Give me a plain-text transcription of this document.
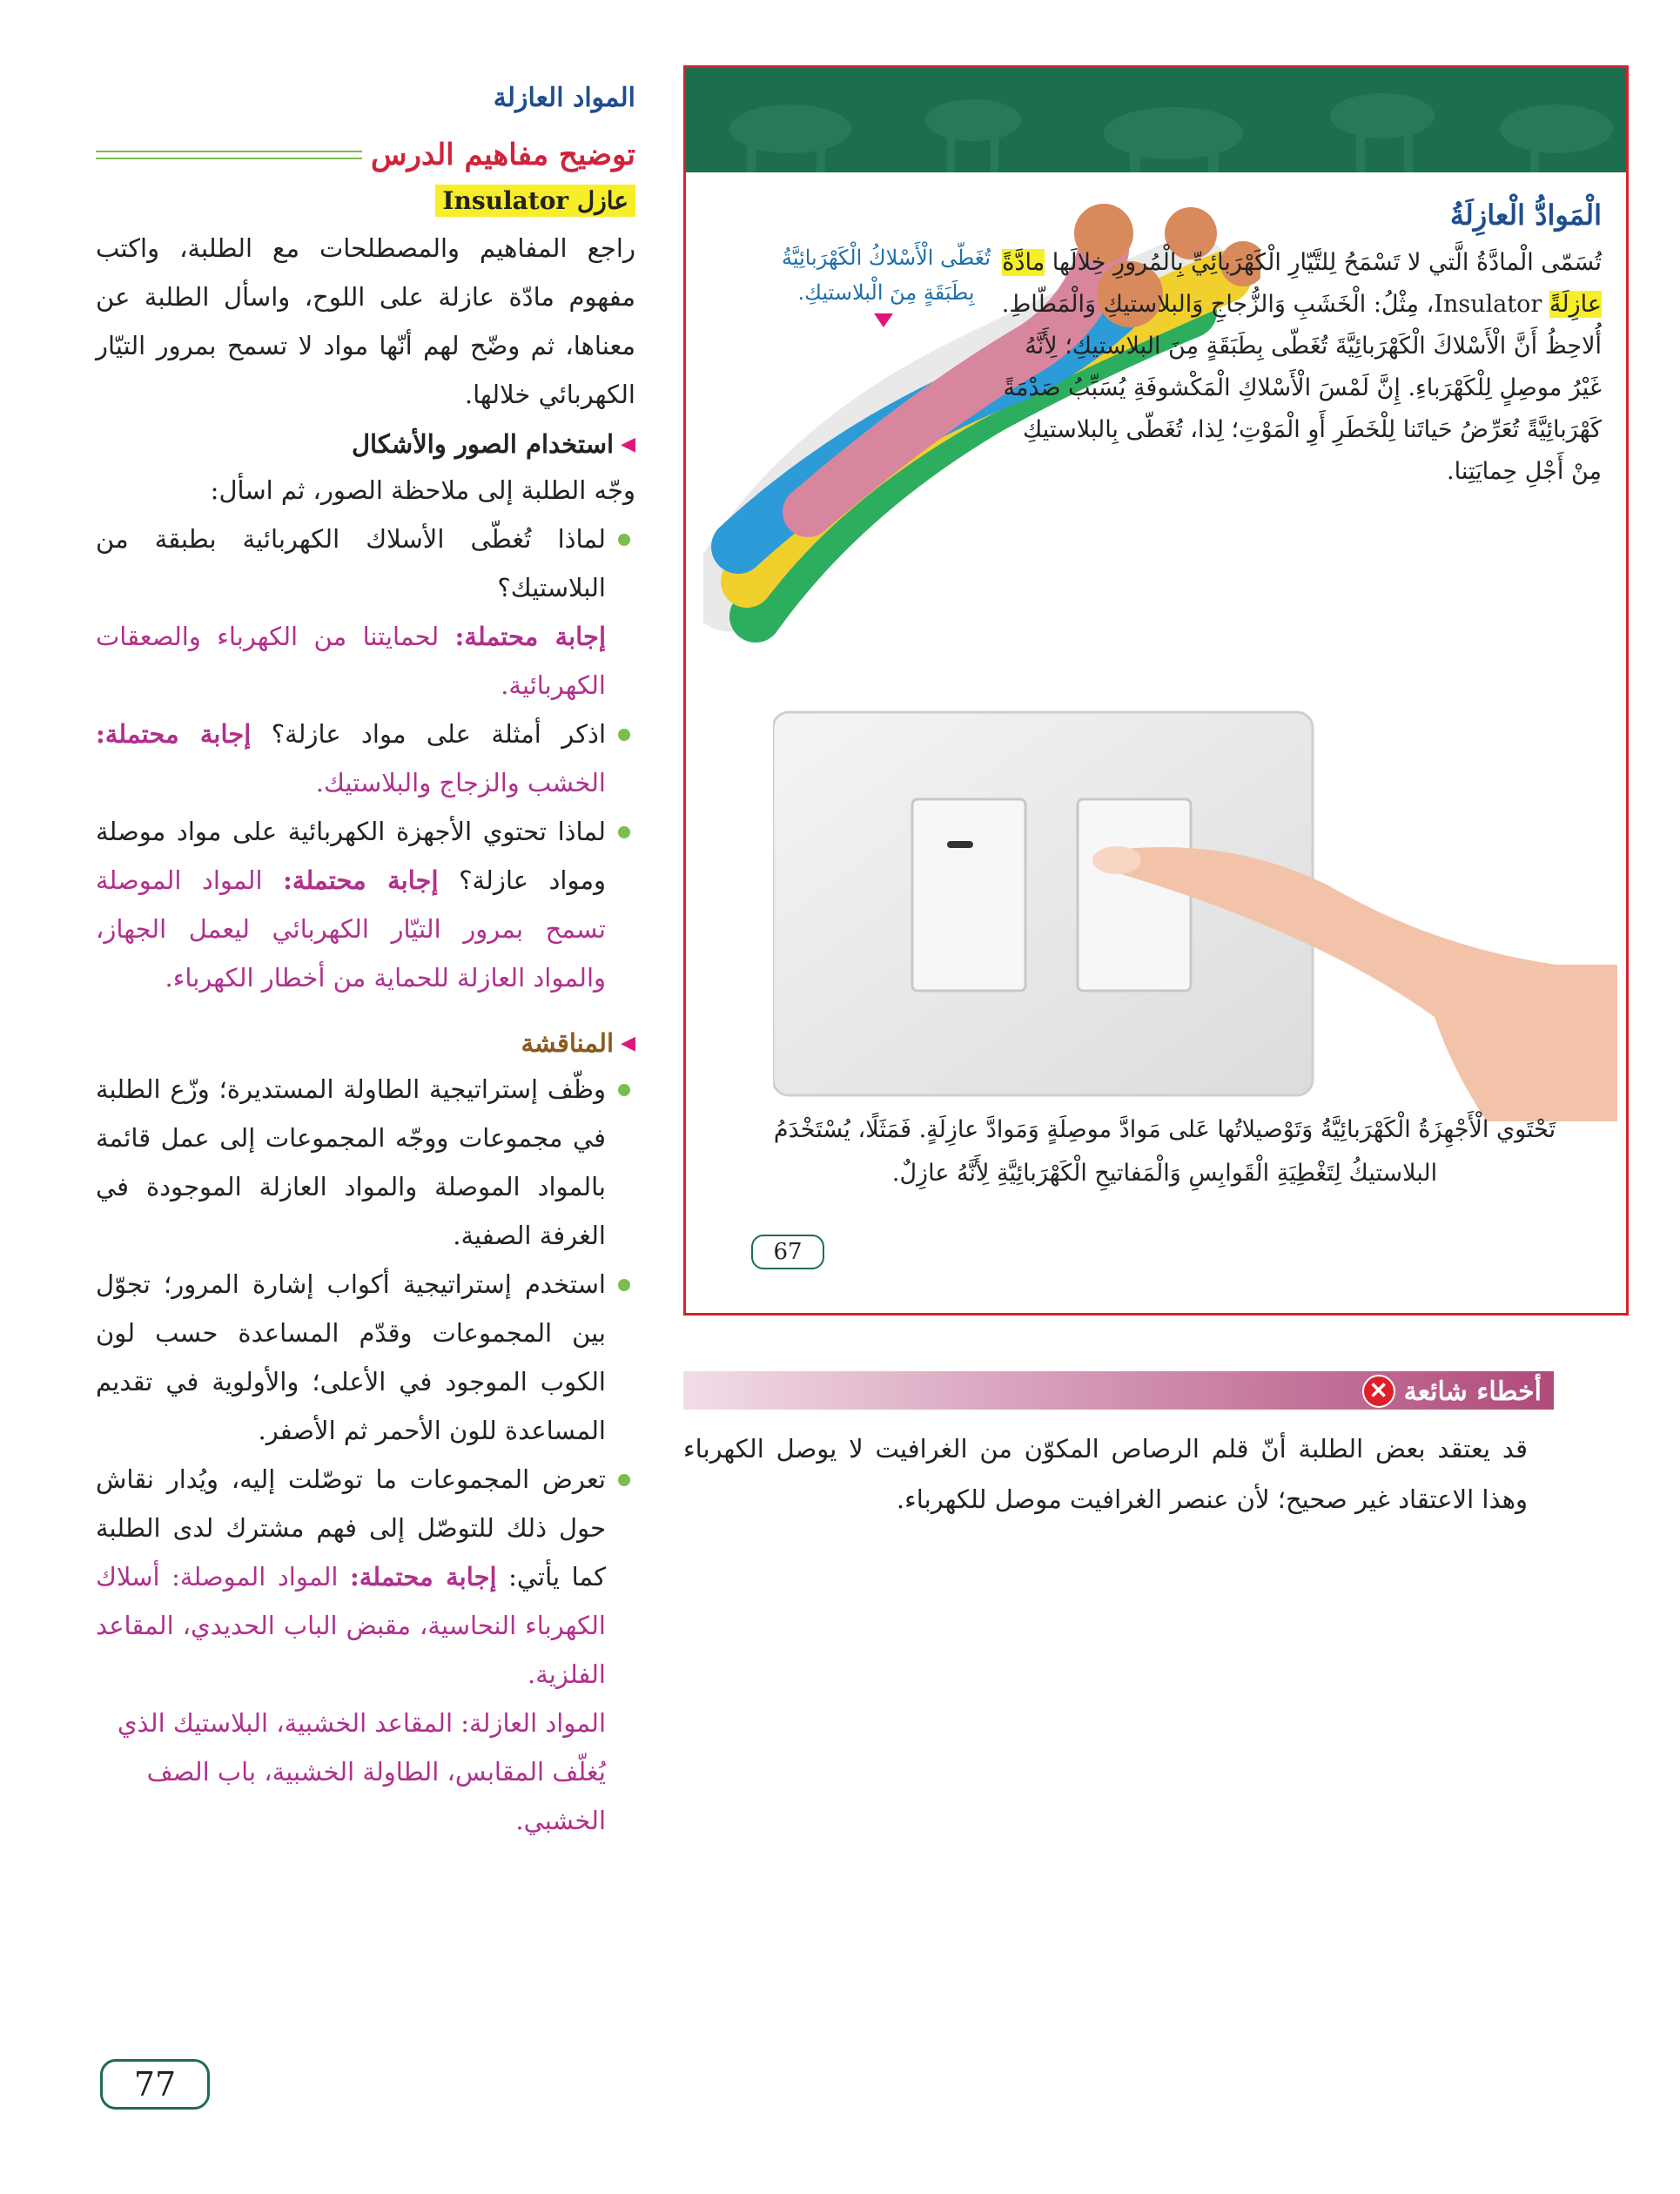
المواد العازلة
توضيح مفاهيم الدرس
عازل Insulator

راجع المفاهيم والمصطلحات مع الطلبة، واكتب مفهوم مادّة عازلة على اللوح، واسأل الطلبة عن معناها، ثم وضّح لهم أنّها مواد لا تسمح بمرور التيّار الكهربائي خلالها.

◀
استخدام الصور والأشكال

وجّه الطلبة إلى ملاحظة الصور، ثم اسأل:

لماذا تُغطّى الأسلاك الكهربائية بطبقة من البلاستيك؟
إجابة محتملة: لحمايتنا من الكهرباء والصعقات الكهربائية.
اذكر أمثلة على مواد عازلة؟ إجابة محتملة: الخشب والزجاج والبلاستيك.
لماذا تحتوي الأجهزة الكهربائية على مواد موصلة ومواد عازلة؟ إجابة محتملة: المواد الموصلة تسمح بمرور التيّار الكهربائي ليعمل الجهاز، والمواد العازلة للحماية من أخطار الكهرباء.
◀
المناقشة
وظّف إستراتيجية الطاولة المستديرة؛ وزّع الطلبة في مجموعات ووجّه المجموعات إلى عمل قائمة بالمواد الموصلة والمواد العازلة الموجودة في الغرفة الصفية.
استخدم إستراتيجية أكواب إشارة المرور؛ تجوّل بين المجموعات وقدّم المساعدة حسب لون الكوب الموجود في الأعلى؛ والأولوية في تقديم المساعدة للون الأحمر ثم الأصفر.
تعرض المجموعات ما توصّلت إليه، ويُدار نقاش حول ذلك للتوصّل إلى فهم مشترك لدى الطلبة كما يأتي: إجابة محتملة: المواد الموصلة: أسلاك الكهرباء النحاسية، مقبض الباب الحديدي، المقاعد الفلزية.

المواد العازلة: المقاعد الخشبية، البلاستيك الذي يُغلّف المقابس، الطاولة الخشبية، باب الصف الخشبي.

تُغَطّى الْأَسْلاكُ الْكَهْرَبائِيَّةُ بِطَبَقَةٍ مِنَ الْبلاستيكِ.
الْمَوادُّ الْعازِلَةُ
تُسَمّى الْمادَّةُ الَّتي لا تَسْمَحُ لِلتَّيّارِ الْكَهْرَبائِيِّ بِالْمُرورِ خِلالَها مادَّةً عازِلَةً Insulator، مِثْلُ: الْخَشَبِ وَالزُّجاجِ وَالبلاستيكِ وَالْمَطّاطِ. أُلاحِظُ أَنَّ الْأَسْلاكَ الْكَهْرَبائِيَّةَ تُغَطّى بِطَبَقَةٍ مِنَ البلاستيكِ؛ لِأَنَّهُ غَيْرُ موصِلٍ لِلْكَهْرَباءِ. إِنَّ لَمْسَ الْأَسْلاكِ الْمَكْشوفَةِ يُسَبِّبُ صَدْمَةً كَهْرَبائِيَّةً تُعَرِّضُ حَياتَنا لِلْخَطَرِ أَوِ الْمَوْتِ؛ لِذا، تُغَطّى بِالبلاستيكِ مِنْ أَجْلِ حِمايَتِنا.
تَحْتَوي الْأَجْهِزَةُ الْكَهْرَبائِيَّةُ وَتَوْصيلاتُها عَلى مَوادَّ موصِلَةٍ وَمَوادَّ عازِلَةٍ. فَمَثَلًا، يُسْتَخْدَمُ البلاستيكُ لِتَغْطِيَةِ الْقَوابِسِ وَالْمَفاتيحِ الْكَهْرَبائِيَّةِ لِأَنَّهُ عازِلٌ.
67
أخطاء شائعة
✕
قد يعتقد بعض الطلبة أنّ قلم الرصاص المكوّن من الغرافيت لا يوصل الكهرباء وهذا الاعتقاد غير صحيح؛ لأن عنصر الغرافيت موصل للكهرباء.
77
